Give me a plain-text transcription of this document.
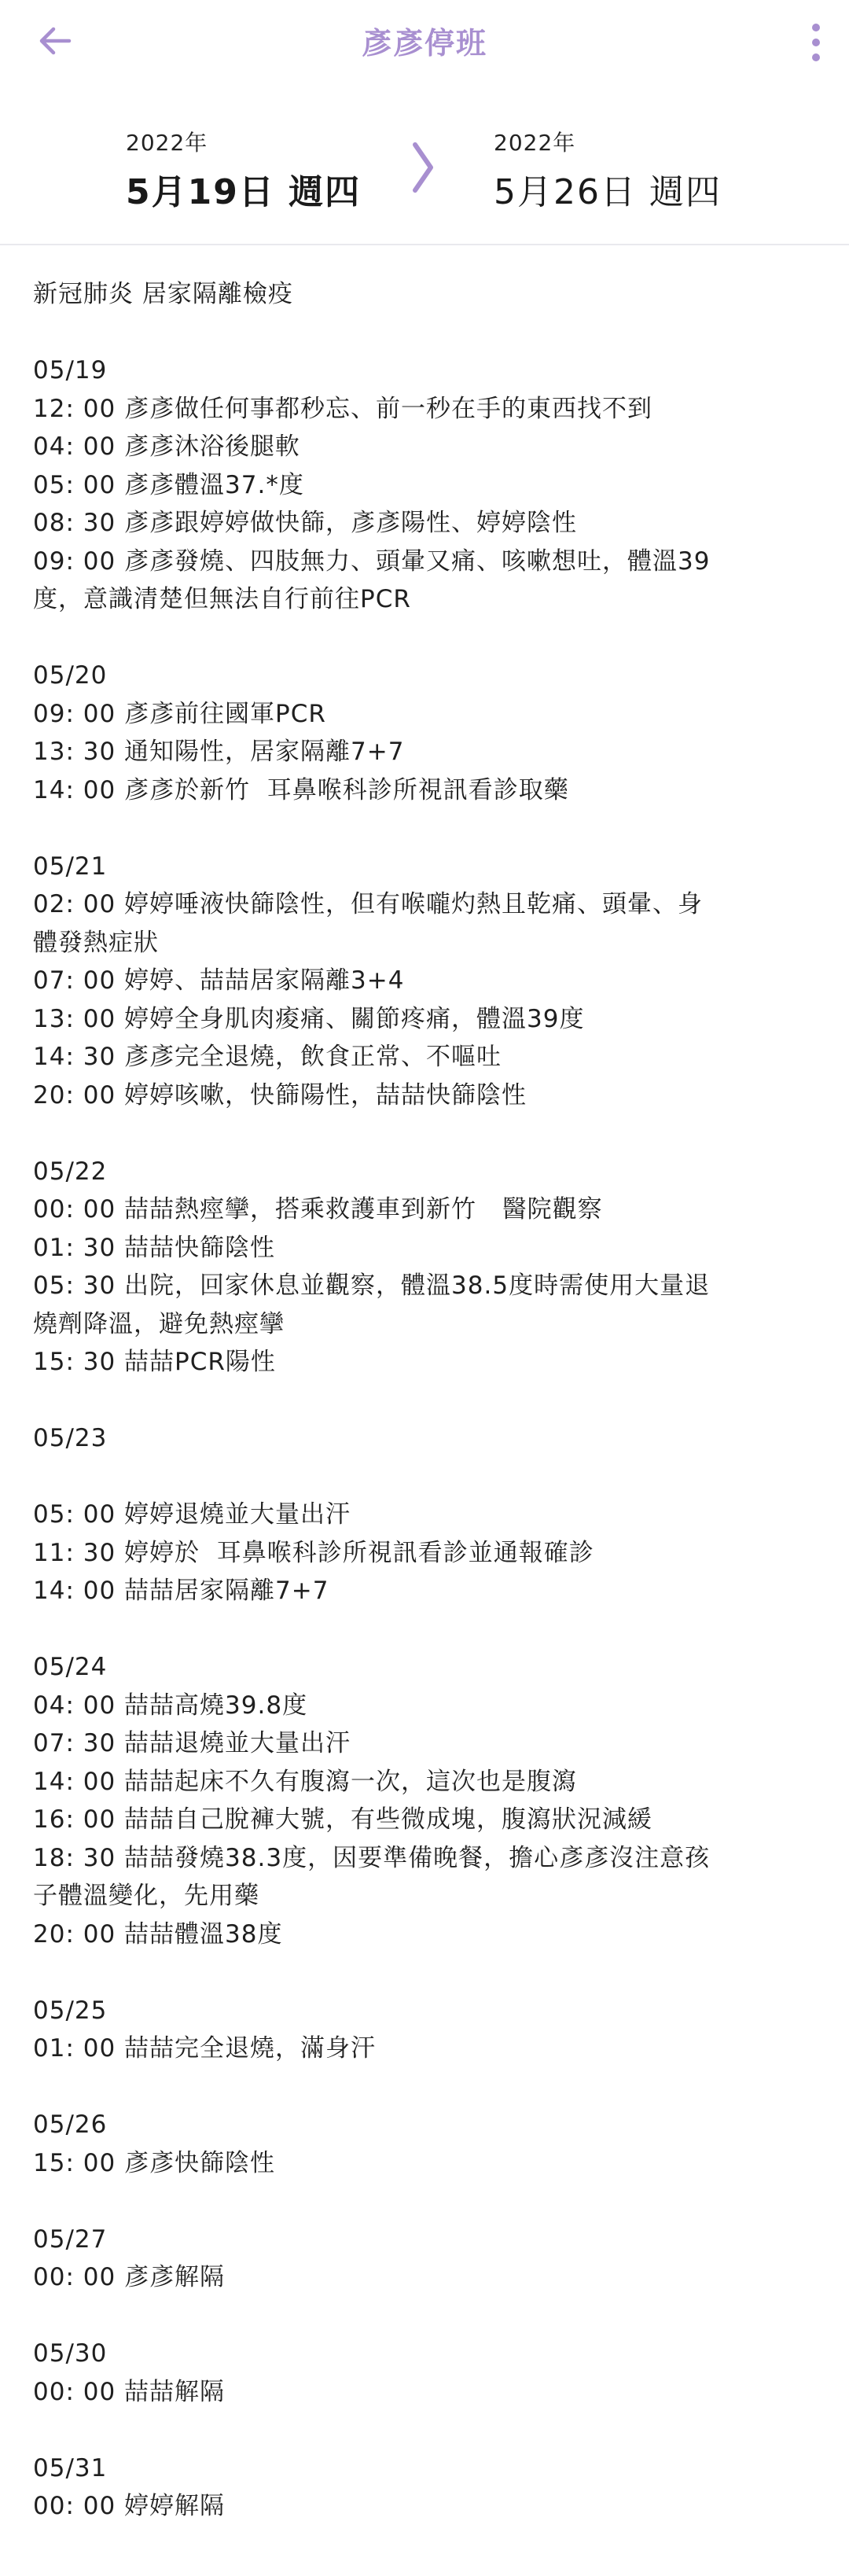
彥彥停班
2022年
5月19日 週四
2022年
5月26日 週四

新冠肺炎 居家隔離檢疫

05/19

12: 00 彥彥做任何事都秒忘、前一秒在手的東西找不到

04: 00 彥彥沐浴後腿軟

05: 00 彥彥體溫37.*度

08: 30 彥彥跟婷婷做快篩，彥彥陽性、婷婷陰性

09: 00 彥彥發燒、四肢無力、頭暈又痛、咳嗽想吐，體溫39

度，意識清楚但無法自行前往PCR

05/20

09: 00 彥彥前往國軍PCR

13: 30 通知陽性，居家隔離7+7

14: 00 彥彥於新竹  耳鼻喉科診所視訊看診取藥

05/21

02: 00 婷婷唾液快篩陰性，但有喉嚨灼熱且乾痛、頭暈、身

體發熱症狀

07: 00 婷婷、喆喆居家隔離3+4

13: 00 婷婷全身肌肉痠痛、關節疼痛，體溫39度

14: 30 彥彥完全退燒，飲食正常、不嘔吐

20: 00 婷婷咳嗽，快篩陽性，喆喆快篩陰性

05/22

00: 00 喆喆熱痙攣，搭乘救護車到新竹   醫院觀察

01: 30 喆喆快篩陰性

05: 30 出院，回家休息並觀察，體溫38.5度時需使用大量退

燒劑降溫，避免熱痙攣

15: 30 喆喆PCR陽性

05/23

05: 00 婷婷退燒並大量出汗

11: 30 婷婷於  耳鼻喉科診所視訊看診並通報確診

14: 00 喆喆居家隔離7+7

05/24

04: 00 喆喆高燒39.8度

07: 30 喆喆退燒並大量出汗

14: 00 喆喆起床不久有腹瀉一次，這次也是腹瀉

16: 00 喆喆自己脫褲大號，有些微成塊，腹瀉狀況減緩

18: 30 喆喆發燒38.3度，因要準備晚餐，擔心彥彥沒注意孩

子體溫變化，先用藥

20: 00 喆喆體溫38度

05/25

01: 00 喆喆完全退燒，滿身汗

05/26

15: 00 彥彥快篩陰性

05/27

00: 00 彥彥解隔

05/30

00: 00 喆喆解隔

05/31

00: 00 婷婷解隔
